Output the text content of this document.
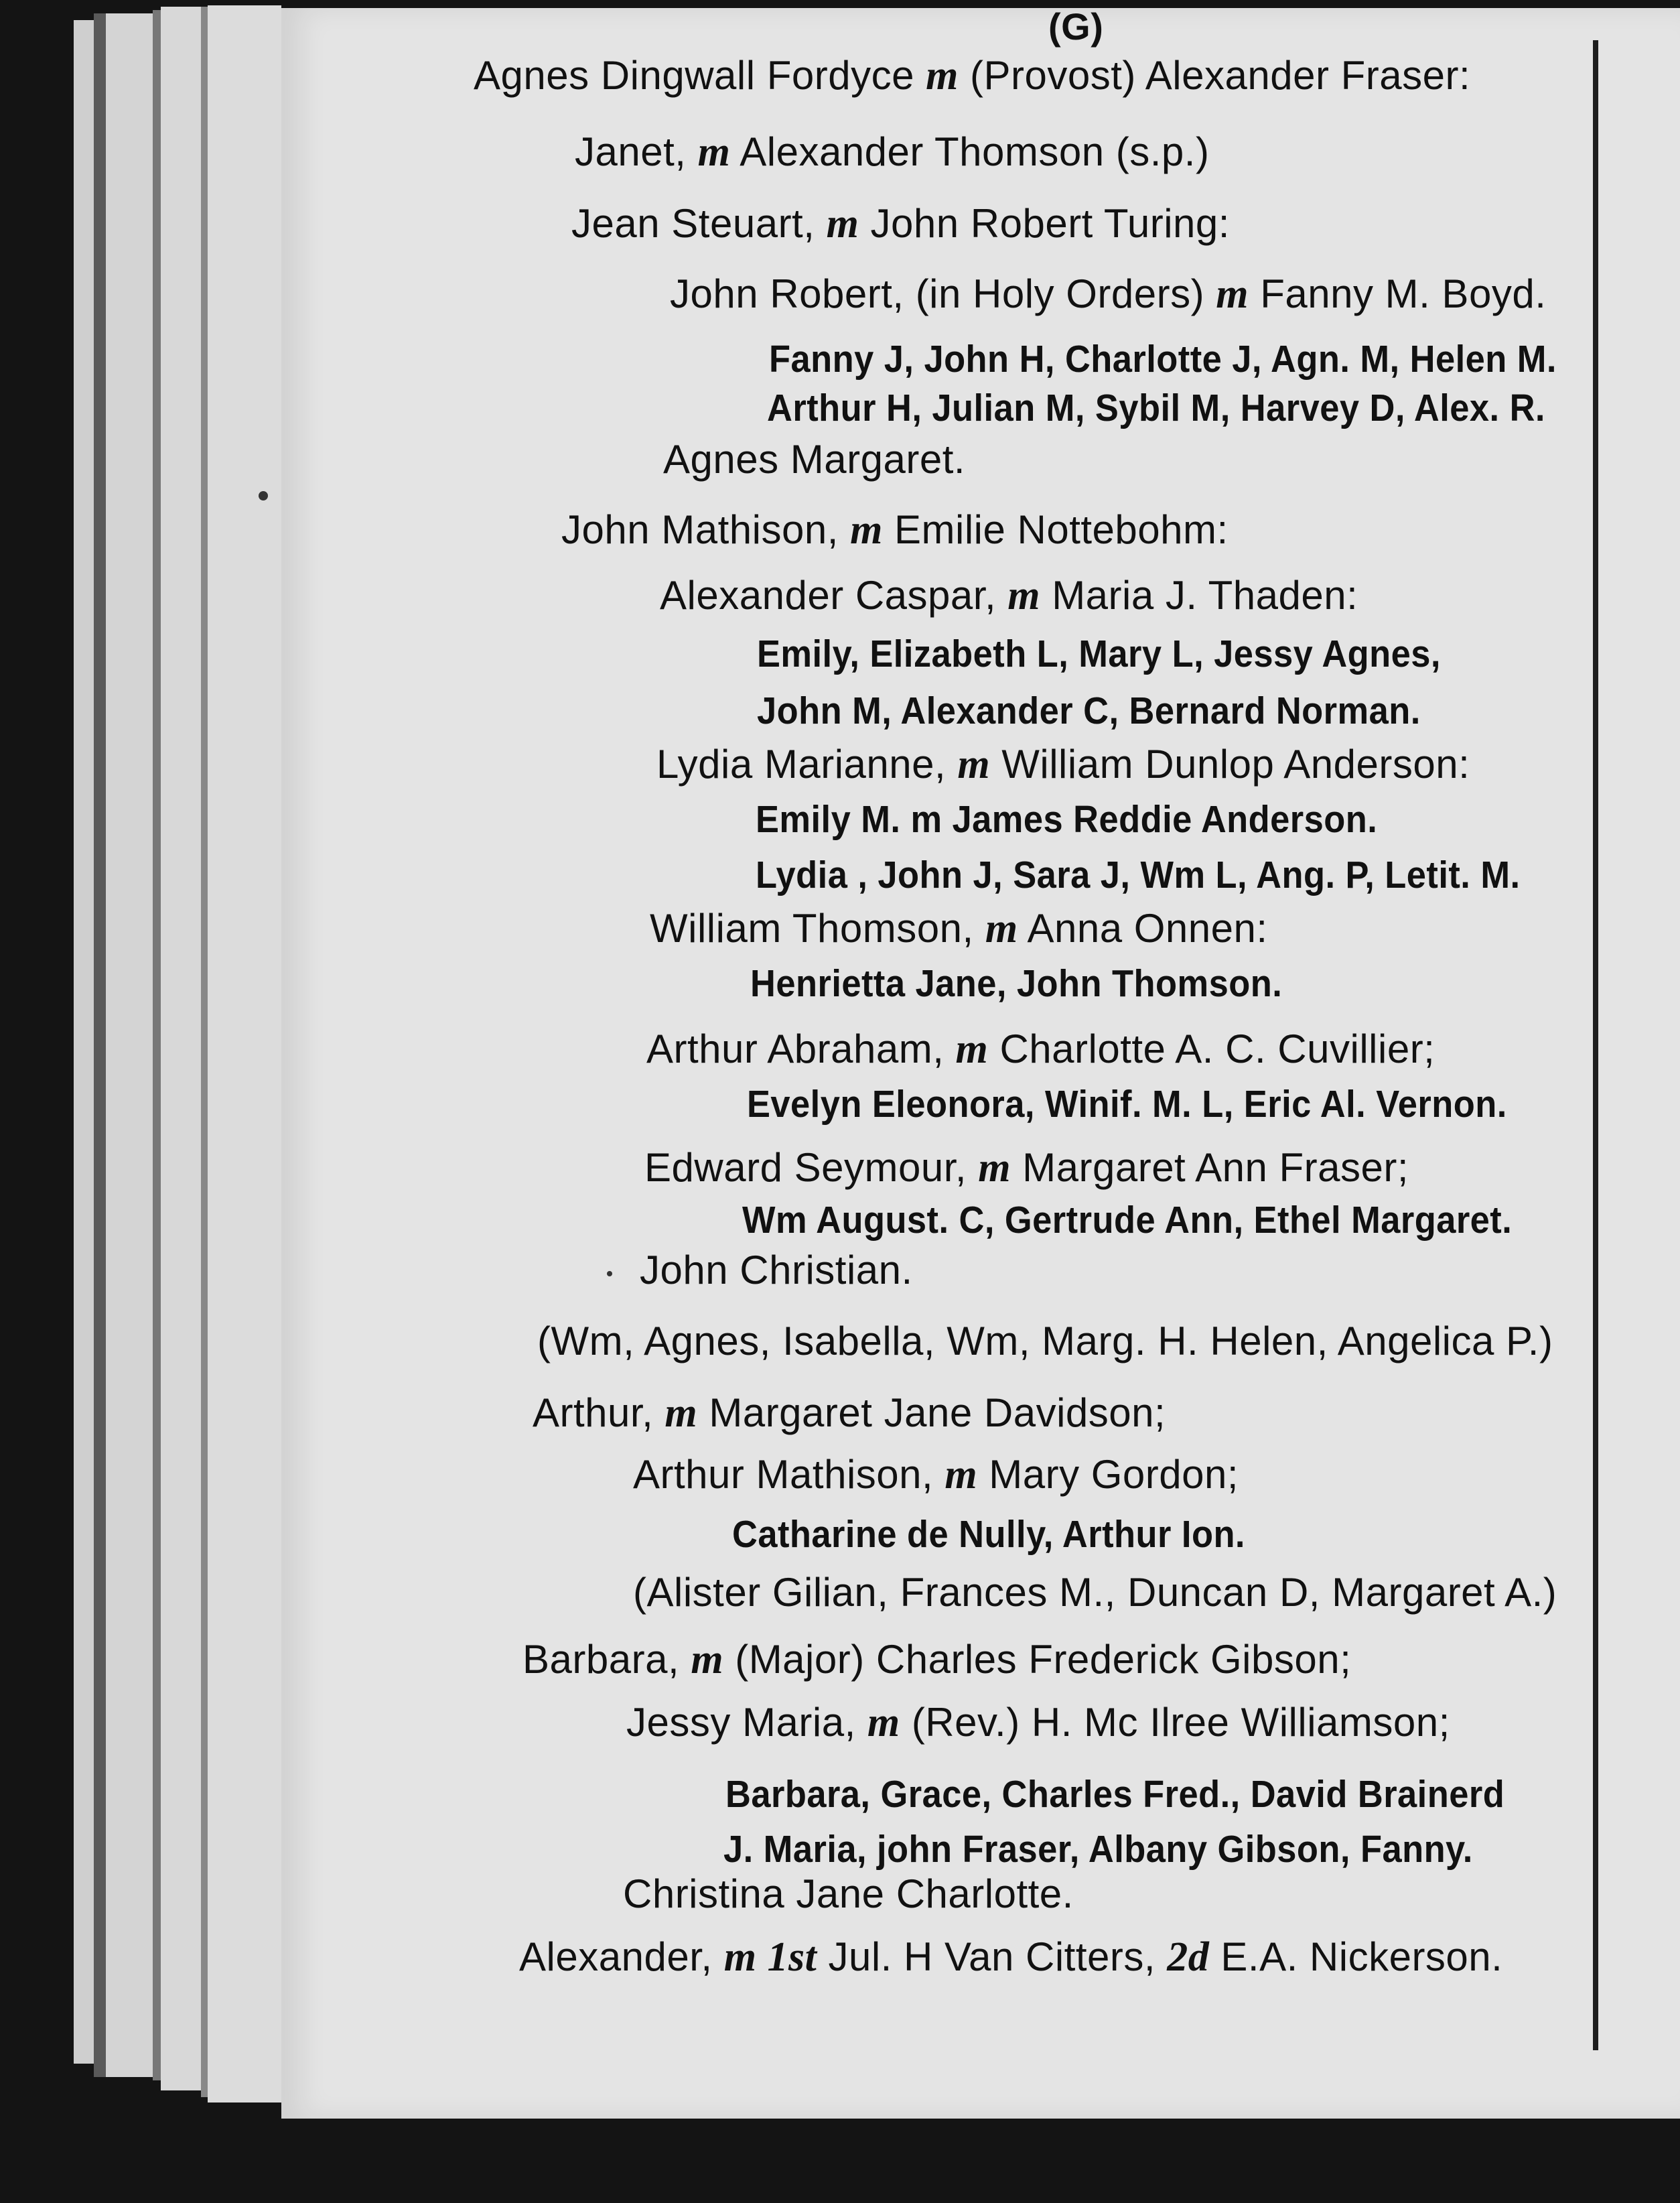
(G)
Agnes Dingwall Fordyce m (Provost) Alexander Fraser:
Janet, m Alexander Thomson (s.p.)
Jean Steuart, m John Robert Turing:
John Robert, (in Holy Orders) m Fanny M. Boyd.
Fanny J, John H, Charlotte J, Agn. M, Helen M.
Arthur H, Julian M, Sybil M, Harvey D, Alex. R.
Agnes Margaret.
John Mathison, m Emilie Nottebohm:
Alexander Caspar, m Maria J. Thaden:
Emily, Elizabeth L, Mary L, Jessy Agnes,
John M, Alexander C, Bernard Norman.
Lydia Marianne, m William Dunlop Anderson:
Emily M. m James Reddie Anderson.
Lydia , John J, Sara J, Wm L, Ang. P, Letit. M.
William Thomson, m Anna Onnen:
Henrietta Jane, John Thomson.
Arthur Abraham, m Charlotte A. C. Cuvillier;
Evelyn Eleonora, Winif. M. L, Eric Al. Vernon.
Edward Seymour, m Margaret Ann Fraser;
Wm August. C, Gertrude Ann, Ethel Margaret.
John Christian.
(Wm, Agnes, Isabella, Wm, Marg. H. Helen, Angelica P.)
Arthur, m Margaret Jane Davidson;
Arthur Mathison, m Mary Gordon;
Catharine de Nully, Arthur Ion.
(Alister Gilian, Frances M., Duncan D, Margaret A.)
Barbara, m (Major) Charles Frederick Gibson;
Jessy Maria, m (Rev.) H. Mc Ilree Williamson;
Barbara, Grace, Charles Fred., David Brainerd
J. Maria, john Fraser, Albany Gibson, Fanny.
Christina Jane Charlotte.
Alexander, m 1st Jul. H Van Citters, 2d E.A. Nickerson.
